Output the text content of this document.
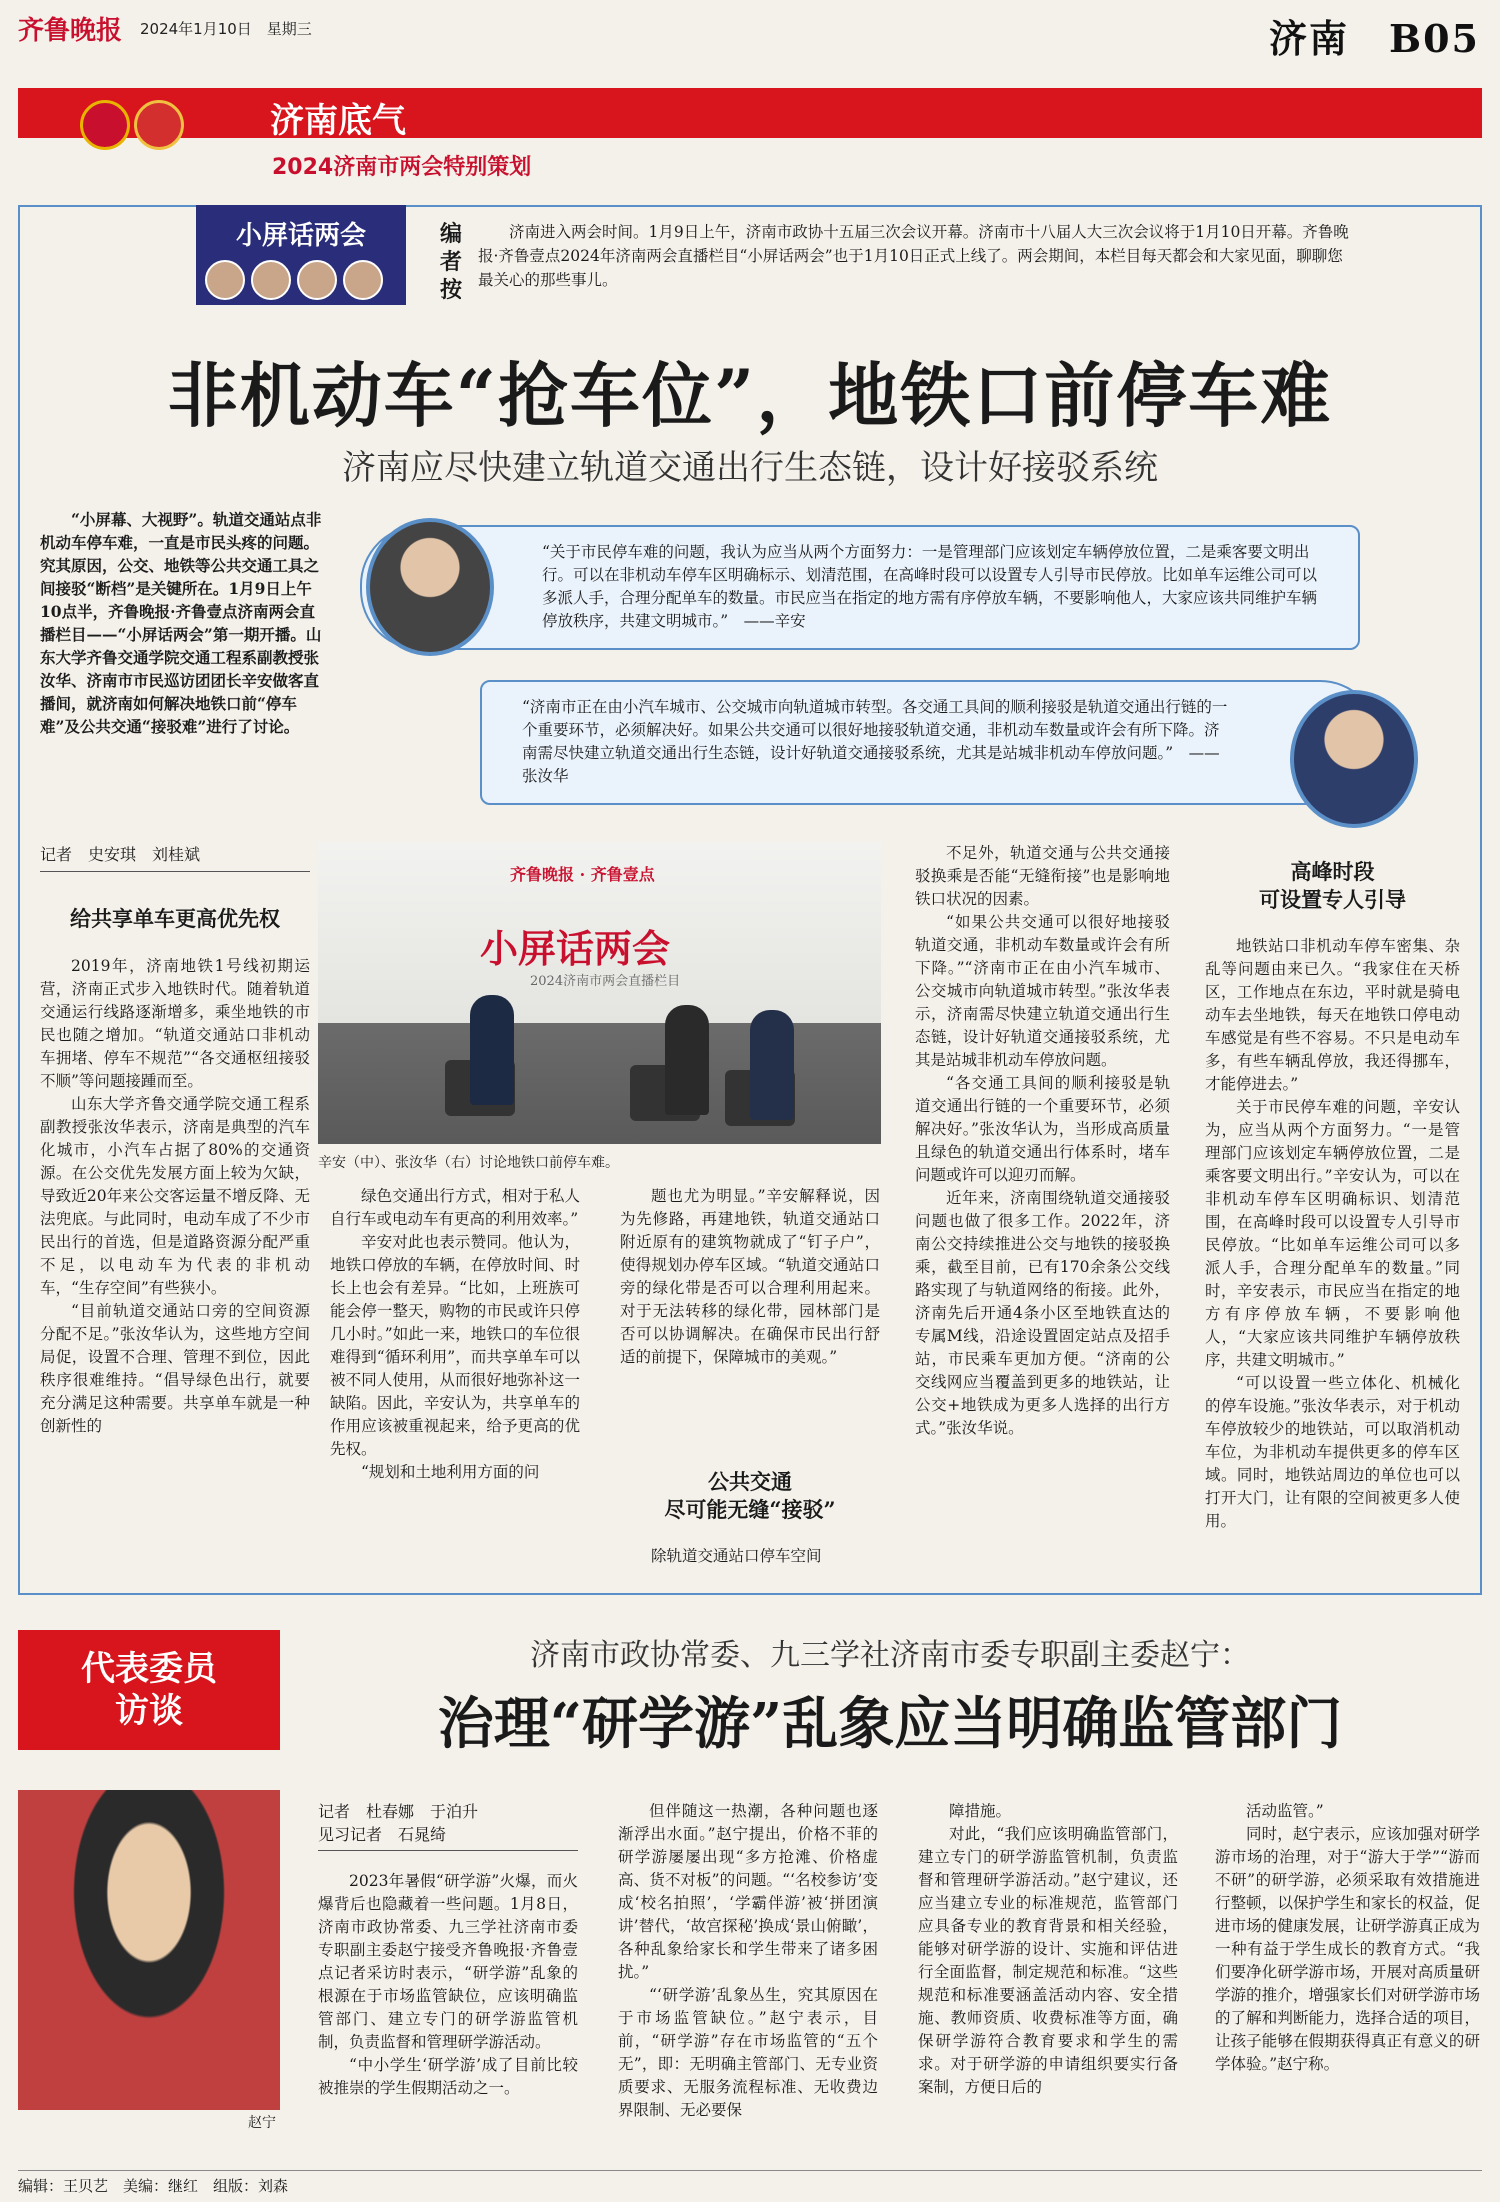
齐鲁晚报 2024年1月10日　星期三	济南　B05
济南底气
2024济南市两会特别策划
小屏话两会	编者按
济南进入两会时间。1月9日上午，济南市政协十五届三次会议开幕。济南市十八届人大三次会议将于1月10日开幕。齐鲁晚报·齐鲁壹点2024年济南两会直播栏目“小屏话两会”也于1月10日正式上线了。两会期间，本栏目每天都会和大家见面，聊聊您最关心的那些事儿。
非机动车“抢车位”，地铁口前停车难
济南应尽快建立轨道交通出行生态链，设计好接驳系统
“小屏幕、大视野”。轨道交通站点非机动车停车难，一直是市民头疼的问题。究其原因，公交、地铁等公共交通工具之间接驳“断档”是关键所在。1月9日上午10点半，齐鲁晚报·齐鲁壹点济南两会直播栏目——“小屏话两会”第一期开播。山东大学齐鲁交通学院交通工程系副教授张汝华、济南市市民巡访团团长辛安做客直播间，就济南如何解决地铁口前“停车难”及公共交通“接驳难”进行了讨论。
“关于市民停车难的问题，我认为应当从两个方面努力：一是管理部门应该划定车辆停放位置，二是乘客要文明出行。可以在非机动车停车区明确标示、划清范围，在高峰时段可以设置专人引导市民停放。比如单车运维公司可以多派人手，合理分配单车的数量。市民应当在指定的地方需有序停放车辆，不要影响他人，大家应该共同维护车辆停放秩序，共建文明城市。”　——辛安
“济南市正在由小汽车城市、公交城市向轨道城市转型。各交通工具间的顺利接驳是轨道交通出行链的一个重要环节，必须解决好。如果公共交通可以很好地接驳轨道交通，非机动车数量或许会有所下降。济南需尽快建立轨道交通出行生态链，设计好轨道交通接驳系统，尤其是站城非机动车停放问题。”　——张汝华
记者　史安琪　刘桂斌
给共享单车更高优先权

2019年，济南地铁1号线初期运营，济南正式步入地铁时代。随着轨道交通运行线路逐渐增多，乘坐地铁的市民也随之增加。“轨道交通站口非机动车拥堵、停车不规范”“各交通枢纽接驳不顺”等问题接踵而至。

山东大学齐鲁交通学院交通工程系副教授张汝华表示，济南是典型的汽车化城市，小汽车占据了80%的交通资源。在公交优先发展方面上较为欠缺，导致近20年来公交客运量不增反降、无法兜底。与此同时，电动车成了不少市民出行的首选，但是道路资源分配严重不足，以电动车为代表的非机动车，“生存空间”有些狭小。

“目前轨道交通站口旁的空间资源分配不足。”张汝华认为，这些地方空间局促，设置不合理、管理不到位，因此秩序很难维持。“倡导绿色出行，就要充分满足这种需要。共享单车就是一种创新性的

齐鲁晚报 · 齐鲁壹点
小屏话两会
2024济南市两会直播栏目
辛安（中）、张汝华（右）讨论地铁口前停车难。

绿色交通出行方式，相对于私人自行车或电动车有更高的利用效率。”

辛安对此也表示赞同。他认为，地铁口停放的车辆，在停放时间、时长上也会有差异。“比如，上班族可能会停一整天，购物的市民或许只停几小时。”如此一来，地铁口的车位很难得到“循环利用”，而共享单车可以被不同人使用，从而很好地弥补这一缺陷。因此，辛安认为，共享单车的作用应该被重视起来，给予更高的优先权。

“规划和土地利用方面的问

题也尤为明显。”辛安解释说，因为先修路，再建地铁，轨道交通站口附近原有的建筑物就成了“钉子户”，使得规划办停车区域。“轨道交通站口旁的绿化带是否可以合理利用起来。对于无法转移的绿化带，园林部门是否可以协调解决。在确保市民出行舒适的前提下，保障城市的美观。”

公共交通
尽可能无缝“接驳”
除轨道交通站口停车空间

不足外，轨道交通与公共交通接驳换乘是否能“无缝衔接”也是影响地铁口状况的因素。

“如果公共交通可以很好地接驳轨道交通，非机动车数量或许会有所下降。”“济南市正在由小汽车城市、公交城市向轨道城市转型。”张汝华表示，济南需尽快建立轨道交通出行生态链，设计好轨道交通接驳系统，尤其是站城非机动车停放问题。

“各交通工具间的顺利接驳是轨道交通出行链的一个重要环节，必须解决好。”张汝华认为，当形成高质量且绿色的轨道交通出行体系时，堵车问题或许可以迎刃而解。

近年来，济南围绕轨道交通接驳问题也做了很多工作。2022年，济南公交持续推进公交与地铁的接驳换乘，截至目前，已有170余条公交线路实现了与轨道网络的衔接。此外，济南先后开通4条小区至地铁直达的专属M线，沿途设置固定站点及招手站，市民乘车更加方便。“济南的公交线网应当覆盖到更多的地铁站，让公交+地铁成为更多人选择的出行方式。”张汝华说。

高峰时段
可设置专人引导

地铁站口非机动车停车密集、杂乱等问题由来已久。“我家住在天桥区，工作地点在东边，平时就是骑电动车去坐地铁，每天在地铁口停电动车感觉是有些不容易。不只是电动车多，有些车辆乱停放，我还得挪车，才能停进去。”

关于市民停车难的问题，辛安认为，应当从两个方面努力。“一是管理部门应该划定车辆停放位置，二是乘客要文明出行。”辛安认为，可以在非机动车停车区明确标识、划清范围，在高峰时段可以设置专人引导市民停放。“比如单车运维公司可以多派人手，合理分配单车的数量。”同时，辛安表示，市民应当在指定的地方有序停放车辆，不要影响他人，“大家应该共同维护车辆停放秩序，共建文明城市。”

“可以设置一些立体化、机械化的停车设施。”张汝华表示，对于机动车停放较少的地铁站，可以取消机动车位，为非机动车提供更多的停车区域。同时，地铁站周边的单位也可以打开大门，让有限的空间被更多人使用。

代表委员
访谈
济南市政协常委、九三学社济南市委专职副主委赵宁：
治理“研学游”乱象应当明确监管部门
赵宁
记者　杜春娜　于泊升
见习记者　石晁绮

2023年暑假“研学游”火爆，而火爆背后也隐藏着一些问题。1月8日，济南市政协常委、九三学社济南市委专职副主委赵宁接受齐鲁晚报·齐鲁壹点记者采访时表示，“研学游”乱象的根源在于市场监管缺位，应该明确监管部门、建立专门的研学游监管机制，负责监督和管理研学游活动。

“中小学生‘研学游’成了目前比较被推崇的学生假期活动之一。

但伴随这一热潮，各种问题也逐渐浮出水面。”赵宁提出，价格不菲的研学游屡屡出现“多方抢滩、价格虚高、货不对板”的问题。“‘名校参访’变成‘校名拍照’，‘学霸伴游’被‘拼团演讲’替代，‘故宫探秘’换成‘景山俯瞰’，各种乱象给家长和学生带来了诸多困扰。”

“‘研学游’乱象丛生，究其原因在于市场监管缺位。”赵宁表示，目前，“研学游”存在市场监管的“五个无”，即：无明确主管部门、无专业资质要求、无服务流程标准、无收费边界限制、无必要保

障措施。

对此，“我们应该明确监管部门，建立专门的研学游监管机制，负责监督和管理研学游活动。”赵宁建议，还应当建立专业的标准规范，监管部门应具备专业的教育背景和相关经验，能够对研学游的设计、实施和评估进行全面监督，制定规范和标准。“这些规范和标准要涵盖活动内容、安全措施、教师资质、收费标准等方面，确保研学游符合教育要求和学生的需求。对于研学游的申请组织要实行备案制，方便日后的

活动监管。”

同时，赵宁表示，应该加强对研学游市场的治理，对于“游大于学”“游而不研”的研学游，必须采取有效措施进行整顿，以保护学生和家长的权益，促进市场的健康发展，让研学游真正成为一种有益于学生成长的教育方式。“我们要净化研学游市场，开展对高质量研学游的推介，增强家长们对研学游市场的了解和判断能力，选择合适的项目，让孩子能够在假期获得真正有意义的研学体验。”赵宁称。

编辑：王贝艺　美编：继红　组版：刘森
